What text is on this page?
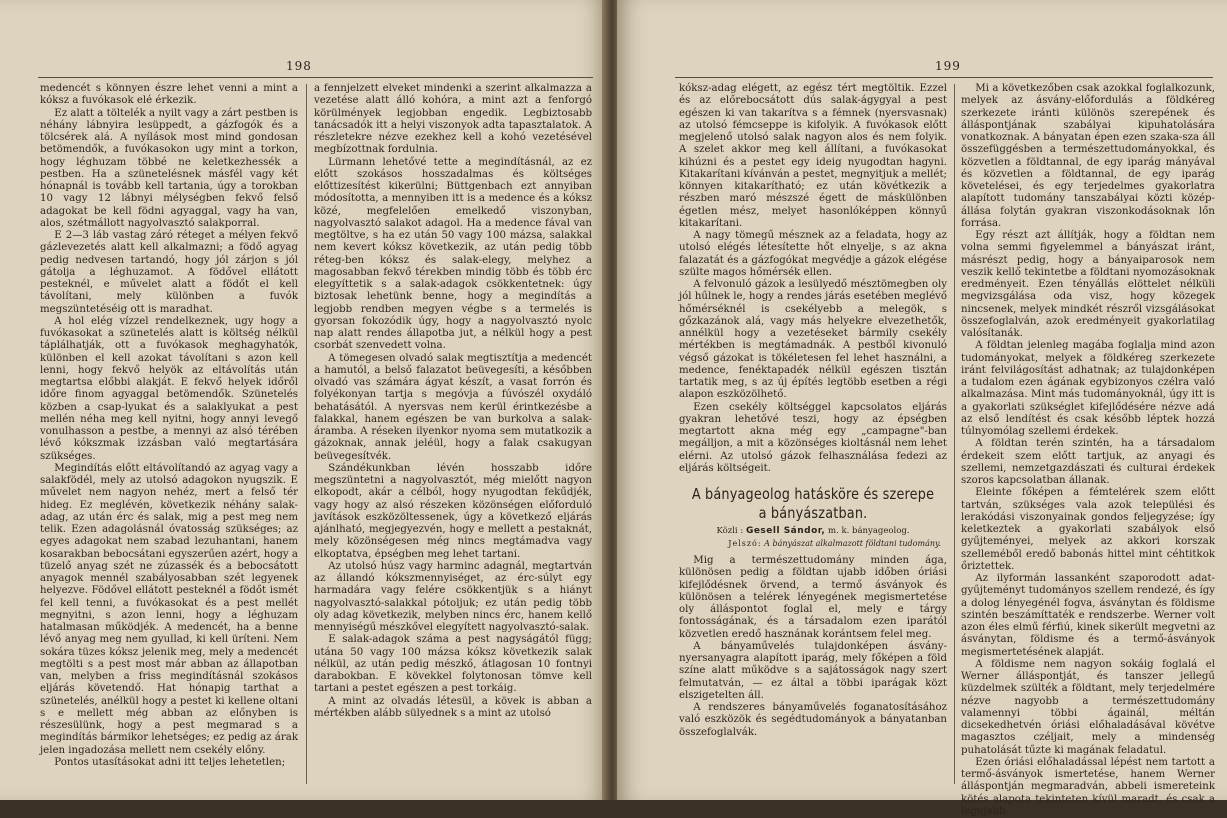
198

medencét s könnyen észre lehet venni a mint a kóksz a fuvókasok elé érkezik.

Ez alatt a töltelék a nyilt vagy a zárt pestben is néhány lábnyira lesüppedt, a gázfogók és a tölcsérek alá. A nyílások most mind gondosan betömendők, a fuvókasokon ugy mint a torkon, hogy léghuzam többé ne keletkezhessék a pestben. Ha a szünetelésnek másfél vagy két hónapnál is tovább kell tartania, úgy a torokban 10 vagy 12 lábnyi mélységben fekvő felső adagokat be kell födni agyaggal, vagy ha van, alos, szétmállott nagyolvasztó salakporral.

E 2—3 láb vastag záró réteget a mélyen fekvő gázlevezetés alatt kell alkalmazni; a födő agyag pedig nedvesen tartandó, hogy jól zárjon s jól gátolja a léghuzamot. A födővel ellátott pesteknél, e művelet alatt a födőt el kell távolítani, mely különben a fuvók megszüntetéséig ott is maradhat.

A hol elég vízzel rendelkeznek, ugy hogy a fuvókasokat a szünetelés alatt is költség nélkül táplálhatják, ott a fuvókasok meghagyhatók, különben el kell azokat távolítani s azon kell lenni, hogy fekvő helyök az eltávolítás után megtartsa előbbi alakját. E fekvő helyek időről időre finom agyaggal betömendők. Szünetelés közben a csap-lyukat és a salaklyukat a pest mellén néha meg kell nyitni, hogy annyi levegő vonulhasson a pestbe, a mennyi az alsó térében lévő kókszmak izzásban való megtartására szükséges.

Megindítás előtt eltávolítandó az agyag vagy a salakfödél, mely az utolsó adagokon nyugszik. E művelet nem nagyon nehéz, mert a felső tér hideg. Ez meglévén, következik néhány salak-adag, az után érc és salak, mig a pest meg nem telik. Ezen adagolásnál óvatosság szükséges; az egyes adagokat nem szabad lezuhantani, hanem kosarakban bebocsátani egyszerűen azért, hogy a tüzelő anyag szét ne zúzassék és a bebocsátott anyagok mennél szabályosabban szét legyenek helyezve. Födővel ellátott pesteknél a födőt ismét fel kell tenni, a fuvókasokat és a pest mellét megnyitni, s azon lenni, hogy a léghuzam hatalmasan működjék. A medencét, ha a benne lévő anyag meg nem gyullad, ki kell üríteni. Nem sokára tüzes kóksz jelenik meg, mely a medencét megtölti s a pest most már abban az állapotban van, melyben a friss megindításnál szokásos eljárás követendő. Hat hónapig tarthat a szünetelés, anélkül hogy a pestet ki kellene oltani s e mellett még abban az előnyben is részesülünk, hogy a pest megmarad s a megindítás bármikor lehetséges; ez pedig az árak jelen ingadozása mellett nem csekély előny.

Pontos utasításokat adni itt teljes lehetetlen;

a fennjelzett elveket mindenki a szerint alkalmazza a vezetése alatt álló kohóra, a mint azt a fenforgó körülmények legjobban engedik. Legbiztosabb tanácsadók itt a helyi viszonyok adta tapasztalatok. A részletekre nézve ezekhez kell a kohó vezetésével megbízottnak fordulnia.

Lürmann lehetővé tette a megindításnál, az ez előtt szokásos hosszadalmas és költséges előttizesítést kikerülni; Büttgenbach ezt annyiban módosította, a mennyiben itt is a medence és a kóksz közé, megfelelően emelkedő viszonyban, nagyolvasztó salakot adagol. Ha a medence fával van megtöltve, s ha ez után 50 vagy 100 mázsa, salakkal nem kevert kóksz következik, az után pedig több réteg-ben kóksz és salak-elegy, melyhez a magosabban fekvő térekben mindig több és több érc elegyíttetik s a salak-adagok csökkentetnek: úgy biztosak lehetünk benne, hogy a megindítás a legjobb rendben megyen végbe s a termelés is gyorsan fokozódik úgy, hogy a nagyolvasztó nyolc nap alatt rendes állapotba jut, a nélkül hogy a pest csorbát szenvedett volna.

A tömegesen olvadó salak megtisztítja a medencét a hamutól, a belső falazatot beüvegesíti, a későbben olvadó vas számára ágyat készít, a vasat forrón és folyékonyan tartja s megóvja a fúvószél oxydáló behatásától. A nyersvas nem kerül érintkezésbe a falakkal, hanem egészen be van burkolva a salak-áramba. A réseken ilyenkor nyoma sem mutatkozik a gázoknak, annak jeléül, hogy a falak csakugyan beüvegesítvék.

Szándékunkban lévén hosszabb időre megszüntetni a nagyolvasztót, még mielőtt nagyon elkopodt, akár a célból, hogy nyugodtan fekűdjék, vagy hogy az alsó részeken közönségen előforduló javítások eszközöltessenek, úgy a következő eljárás ajánlható, megjegyezvén, hogy e mellett a pestaknát, mely közönségesen még nincs megtámadva vagy elkoptatva, épségben meg lehet tartani.

Az utolsó húsz vagy harminc adagnál, megtartván az állandó kókszmennyiséget, az érc-súlyt egy harmadára vagy felére csökkentjük s a hiányt nagyolvasztó-salakkal pótoljuk; ez után pedig több oly adag következik, melyben nincs érc, hanem kellő mennyiségű mészkővel elegyített nagyolvasztó-salak.

E salak-adagok száma a pest nagyságától függ; utána 50 vagy 100 mázsa kóksz következik salak nélkül, az után pedig mészkő, átlagosan 10 fontnyi darabokban. E kövekkel folytonosan tömve kell tartani a pestet egészen a pest torkáig.

A mint az olvadás létesül, a kövek is abban a mértékben alább sülyednek s a mint az utolsó

199

kóksz-adag elégett, az egész tért megtöltik. Ezzel és az előrebocsátott dús salak-ágygyal a pest egészen ki van takarítva s a fémnek (nyersvasnak) az utolsó fémcseppe is kifolyik. A fuvókasok előtt megjelenő utolsó salak nagyon alos és nem folyik. A szelet akkor meg kell állítani, a fuvókasokat kihúzni és a pestet egy ideig nyugodtan hagyni. Kitakarítani kívánván a pestet, megnyitjuk a mellét; könnyen kitakarítható; ez után kövétkezik a részben maró mészszé égett de máskülönben égetlen mész, melyet hasonlóképpen könnyű kitakarítani.

A nagy tömegű mésznek az a feladata, hogy az utolsó elégés létesítette hőt elnyelje, s az akna falazatát és a gázfogókat megvédje a gázok elégése szülte magos hőmérsék ellen.

A felvonuló gázok a lesülyedő mésztömegben oly jól hűlnek le, hogy a rendes járás esetében meglévő hőmérséknél is csekélyebb a melegök, s gőzkazánok alá, vagy más helyekre elvezethetők, annélkül hogy a vezetéseket bármily csekély mértékben is megtámadnák. A pestből kivonuló végső gázokat is tökéletesen fel lehet használni, a medence, fenéktapadék nélkül egészen tisztán tartatik meg, s az új építés legtöbb esetben a régi alapon eszközölhető.

Ezen csekély költséggel kapcsolatos eljárás gyakran lehetővé teszi, hogy az épségben megtartott akna még egy „campagne"-ban megálljon, a mit a közönséges kioltásnál nem lehet elérni. Az utolsó gázok felhasználása fedezi az eljárás költségeit.

A bányageolog hatásköre és szerepe
a bányászatban.
Közli : Gesell Sándor, m. k. bányageolog.
Jelszó: A bányászat alkalmazott földtani tudomány.

Mig a természettudomány minden ága, különösen pedig a földtan ujabb időben óriási kifejlődésnek örvend, a termő ásványok és különösen a telérek lényegének megismertetése oly álláspontot foglal el, mely e tárgy fontosságának, és a társadalom ezen iparától közvetlen eredő hasznának korántsem felel meg.

A bányaművelés tulajdonképen ásvány-nyersanyagra alapított iparág, mely főképen a föld színe alatt működve s a sajátosságok nagy szert felmutatván, — ez által a többi iparágak közt elszigetelten áll.

A rendszeres bányaművelés foganatosításához való eszközök és segédtudományok a bányatanban összefoglalvák.

Mi a következőben csak azokkal foglalkozunk, melyek az ásvány-előfordulás a földkéreg szerkezete iránti különös szerepének és álláspontjának szabályai kipuhatolására vonatkoznak. A bányatan épen ezen szaka-sza áll összefüggésben a természettudományokkal, és közvetlen a földtannal, de egy iparág mányával és közvetlen a földtannal, de egy iparág követelései, és egy terjedelmes gyakorlatra alapított tudomány tanszabályai közti közép-állása folytán gyakran viszonkodásoknak lőn forrása.

Egy részt azt állítják, hogy a földtan nem volna semmi figyelemmel a bányászat iránt, másrészt pedig, hogy a bányaiparosok nem veszik kellő tekintetbe a földtani nyomozásoknak eredményeit. Ezen tényállás elöttelet nélküli megvizsgálása oda visz, hogy közegek nincsenek, melyek mindkét részről vizsgálásokat összefoglalván, azok eredményeit gyakorlatilag valósítanák.

A földtan jelenleg magába foglalja mind azon tudományokat, melyek a földkéreg szerkezete iránt felvilágosítást adhatnak; az tulajdonképen a tudalom ezen ágának egybizonyos czélra való alkalmazása. Mint más tudományoknál, úgy itt is a gyakorlati szükséglet kifejlődésére nézve adá az első lendítést és csak később léptek hozzá túlnyomólag szellemi érdekek.

A földtan terén szintén, ha a társadalom érdekeit szem előtt tartjuk, az anyagi és szellemi, nemzetgazdászati és culturai érdekek szoros kapcsolatban állanak.

Eleinte főképen a fémtelérek szem előtt tartván, szükséges vala azok települési és lerakódási viszonyainak gondos feljegyzése; így keletkeztek a gyakorlati szabályok első gyűjteményei, melyek az akkori korszak szelleméből eredő babonás hittel mint céhtitkok őriztettek.

Az ilyformán lassanként szaporodott adat-gyűjteményt tudományos szellem rendezé, és így a dolog lényegénél fogva, ásványtan és földisme szintén beszámíttaték e rendszerbe. Werner volt azon éles elmű férfiú, kinek sikerült megvetni az ásványtan, földisme és a termő-ásványok megismertetésének alapját.

A földisme nem nagyon sokáig foglalá el Werner álláspontját, és tanszer jellegű küzdelmek szülték a földtant, mely terjedelmére nézve nagyobb a természettudomány valamennyi többi ágainál, méltán dicsekedhetvén óriási előhaladásával kövétve magasztos czéljait, mely a mindenség puhatolását tűzte ki magának feladatul.

Ezen óriási előhaladással lépést nem tartott a termő-ásványok ismertetése, hanem Werner álláspontján megmaradván, abbeli ismereteink kötés alapota tekinteten kívül maradt, és csak a legujabb
